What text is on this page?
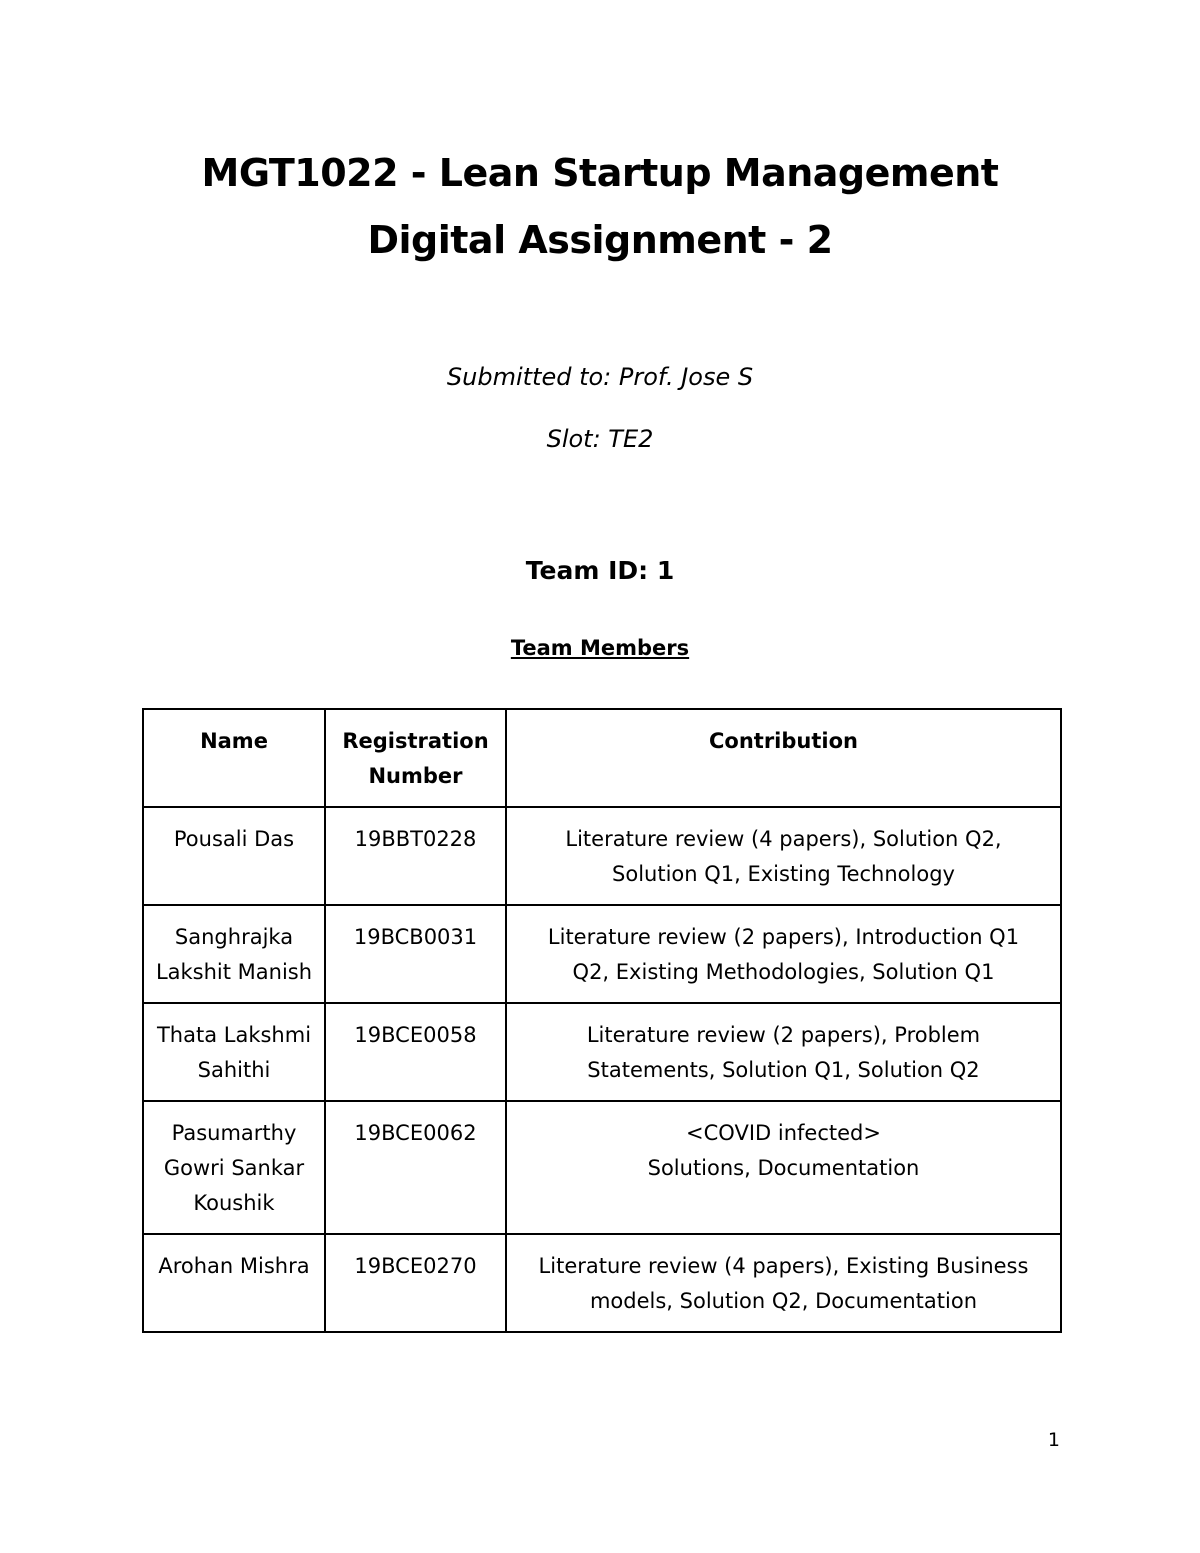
MGT1022 - Lean Startup Management
Digital Assignment - 2
Submitted to: Prof. Jose S
Slot: TE2
Team ID: 1
Team Members
Name	Registration Number	Contribution
Pousali Das	19BBT0228	Literature review (4 papers), Solution Q2,
Solution Q1, Existing Technology

Sanghrajka Lakshit Manish	19BCB0031	Literature review (2 papers), Introduction Q1
Q2, Existing Methodologies, Solution Q1

Thata Lakshmi Sahithi	19BCE0058	Literature review (2 papers), Problem
Statements, Solution Q1, Solution Q2

Pasumarthy Gowri Sankar Koushik	19BCE0062	<COVID infected>
Solutions, Documentation

Arohan Mishra	19BCE0270	Literature review (4 papers), Existing Business
models, Solution Q2, Documentation
1
